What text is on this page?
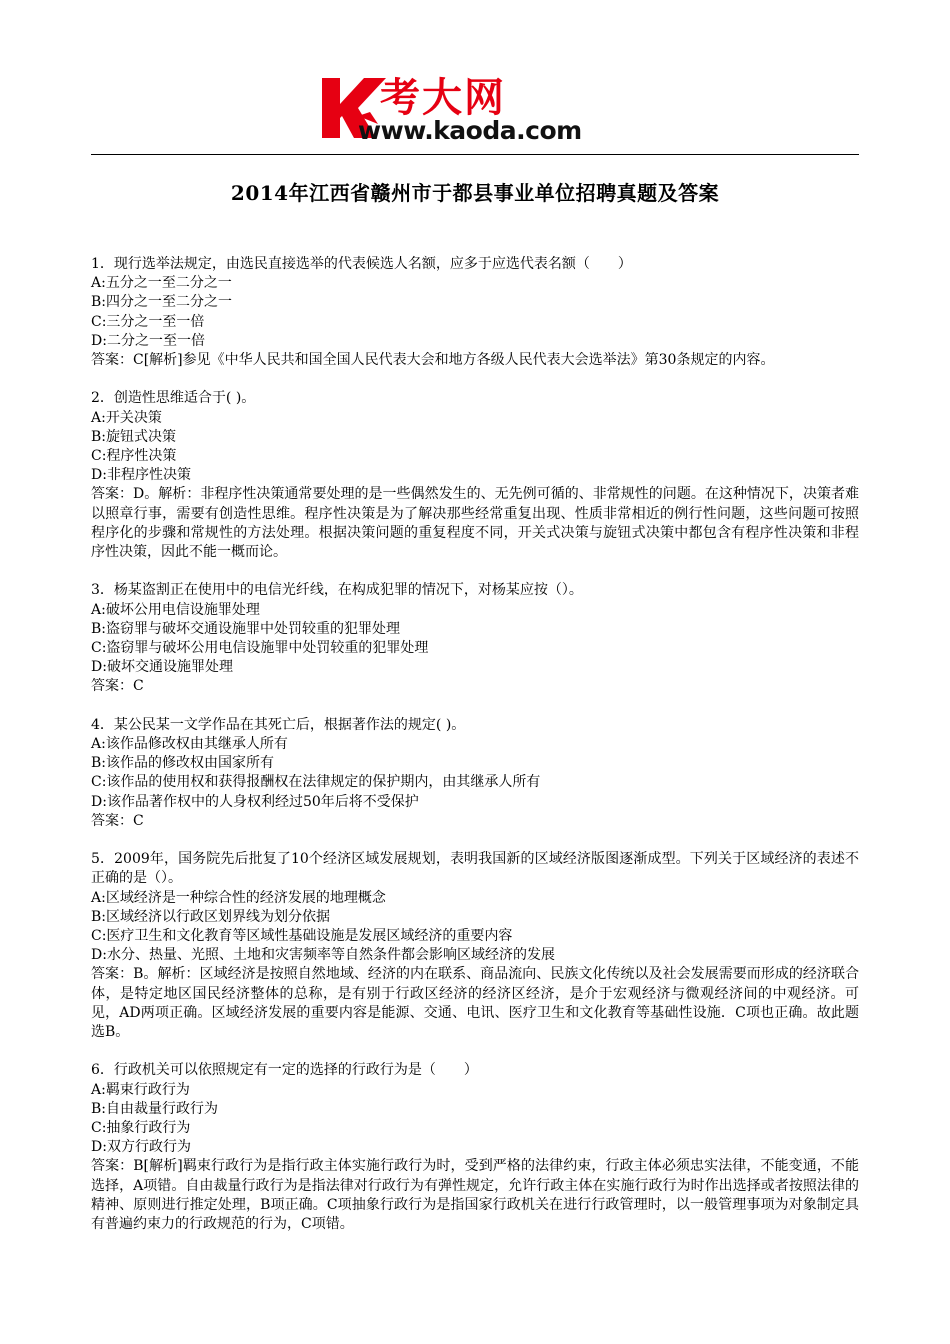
考大网
www.kaoda.com
2014年江西省赣州市于都县事业单位招聘真题及答案
1．现行选举法规定，由选民直接选举的代表候选人名额，应多于应选代表名额（　　）
A:五分之一至二分之一
B:四分之一至二分之一
C:三分之一至一倍
D:二分之一至一倍
答案：C[解析]参见《中华人民共和国全国人民代表大会和地方各级人民代表大会选举法》第30条规定的内容。
2．创造性思维适合于( )。
A:开关决策
B:旋钮式决策
C:程序性决策
D:非程序性决策
答案：D。解析：非程序性决策通常要处理的是一些偶然发生的、无先例可循的、非常规性的问题。在这种情况下，决策者难以照章行事，需要有创造性思维。程序性决策是为了解决那些经常重复出现、性质非常相近的例行性问题，这些问题可按照程序化的步骤和常规性的方法处理。根据决策问题的重复程度不同，开关式决策与旋钮式决策中都包含有程序性决策和非程序性决策，因此不能一概而论。
3．杨某盗割正在使用中的电信光纤线，在构成犯罪的情况下，对杨某应按（）。
A:破坏公用电信设施罪处理
B:盗窃罪与破坏交通设施罪中处罚较重的犯罪处理
C:盗窃罪与破坏公用电信设施罪中处罚较重的犯罪处理
D:破坏交通设施罪处理
答案：C
4．某公民某一文学作品在其死亡后，根据著作法的规定( )。
A:该作品修改权由其继承人所有
B:该作品的修改权由国家所有
C:该作品的使用权和获得报酬权在法律规定的保护期内，由其继承人所有
D:该作品著作权中的人身权利经过50年后将不受保护
答案：C
5．2009年，国务院先后批复了10个经济区域发展规划，表明我国新的区域经济版图逐渐成型。下列关于区域经济的表述不正确的是（）。
A:区域经济是一种综合性的经济发展的地理概念
B:区域经济以行政区划界线为划分依据
C:医疗卫生和文化教育等区域性基础设施是发展区域经济的重要内容
D:水分、热量、光照、土地和灾害频率等自然条件都会影响区域经济的发展
答案：B。解析：区域经济是按照自然地域、经济的内在联系、商品流向、民族文化传统以及社会发展需要而形成的经济联合体，是特定地区国民经济整体的总称，是有别于行政区经济的经济区经济，是介于宏观经济与微观经济间的中观经济。可见，AD两项正确。区域经济发展的重要内容是能源、交通、电讯、医疗卫生和文化教育等基础性设施．C项也正确。故此题选B。
6．行政机关可以依照规定有一定的选择的行政行为是（　　）
A:羁束行政行为
B:自由裁量行政行为
C:抽象行政行为
D:双方行政行为
答案：B[解析]羁束行政行为是指行政主体实施行政行为时，受到严格的法律约束，行政主体必须忠实法律，不能变通，不能选择，A项错。自由裁量行政行为是指法律对行政行为有弹性规定，允许行政主体在实施行政行为时作出选择或者按照法律的精神、原则进行推定处理，B项正确。C项抽象行政行为是指国家行政机关在进行行政管理时，以一般管理事项为对象制定具有普遍约束力的行政规范的行为，C项错。
